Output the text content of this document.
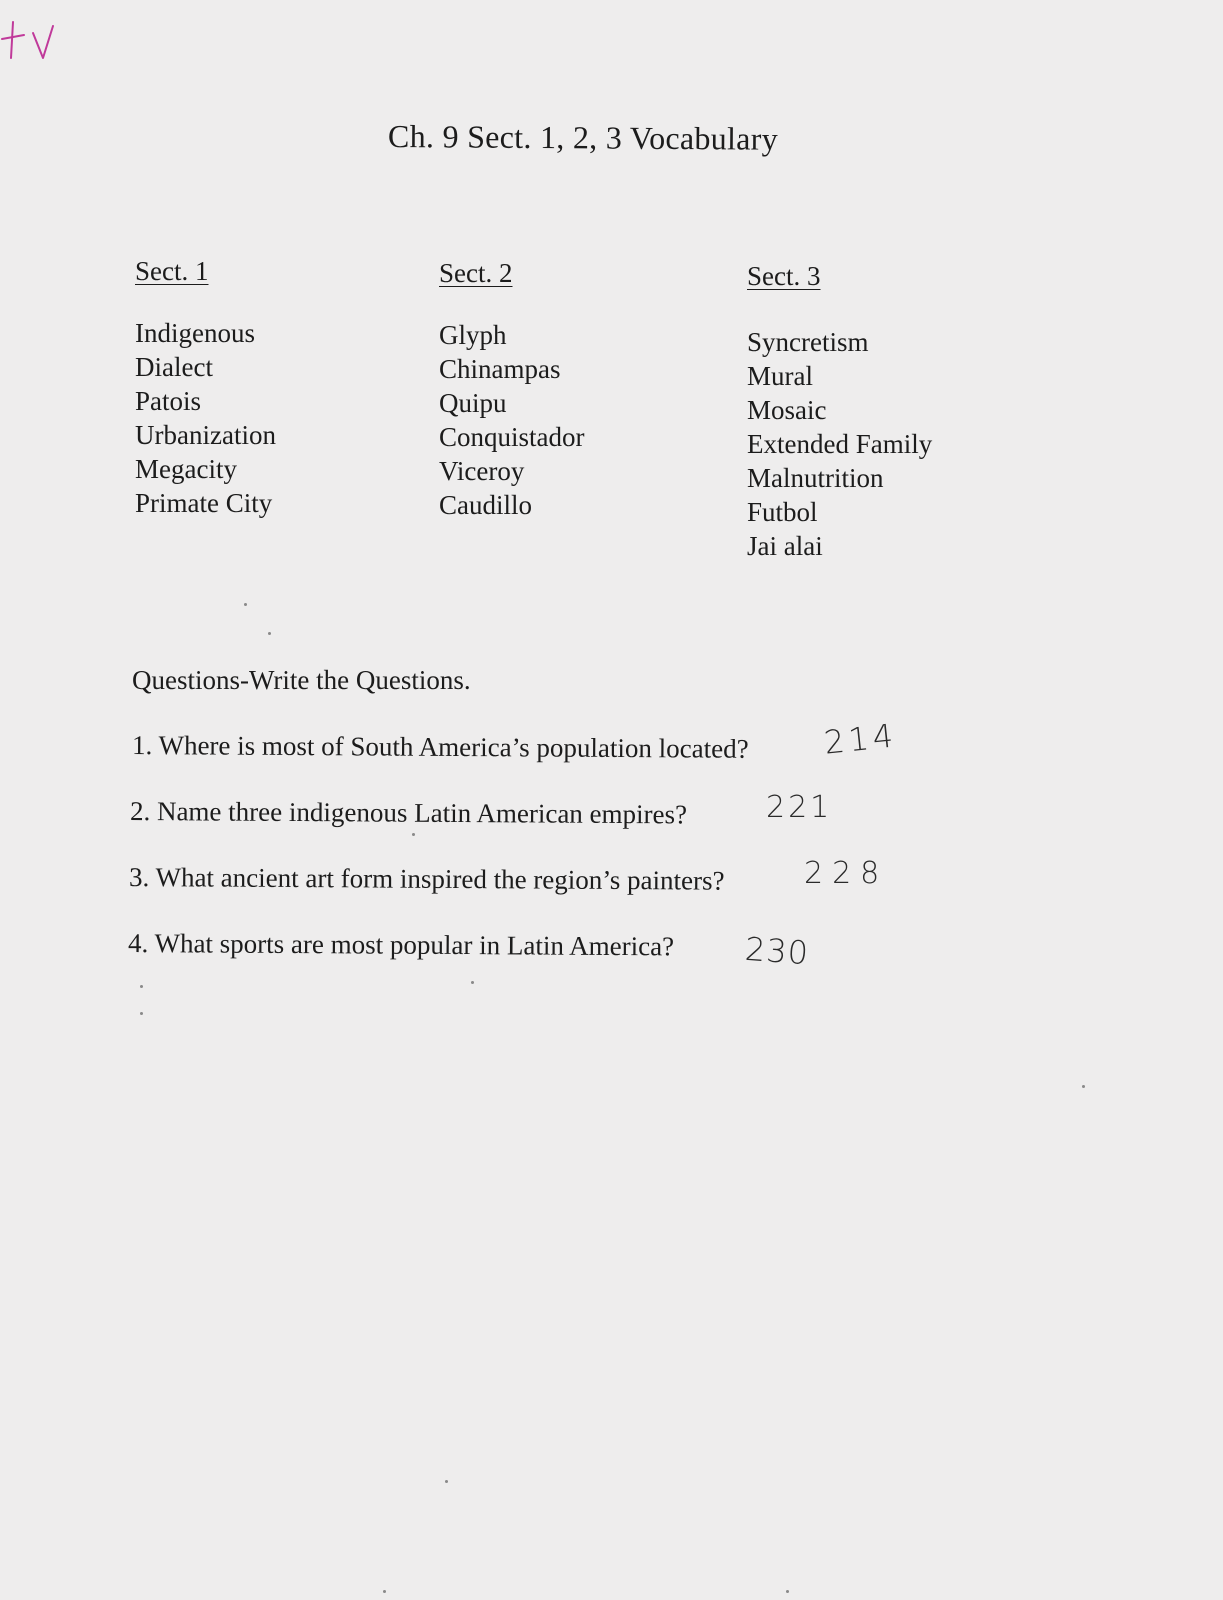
Ch. 9 Sect. 1, 2, 3 Vocabulary
Sect. 1
Indigenous
Dialect
Patois
Urbanization
Megacity
Primate City
Sect. 2
Glyph
Chinampas
Quipu
Conquistador
Viceroy
Caudillo
Sect. 3
Syncretism
Mural
Mosaic
Extended Family
Malnutrition
Futbol
Jai alai
Questions-Write the Questions.
1. Where is most of South America’s population located?
2. Name three indigenous Latin American empires?
3. What ancient art form inspired the region’s painters?
4. What sports are most popular in Latin America?
214
221
228
230
